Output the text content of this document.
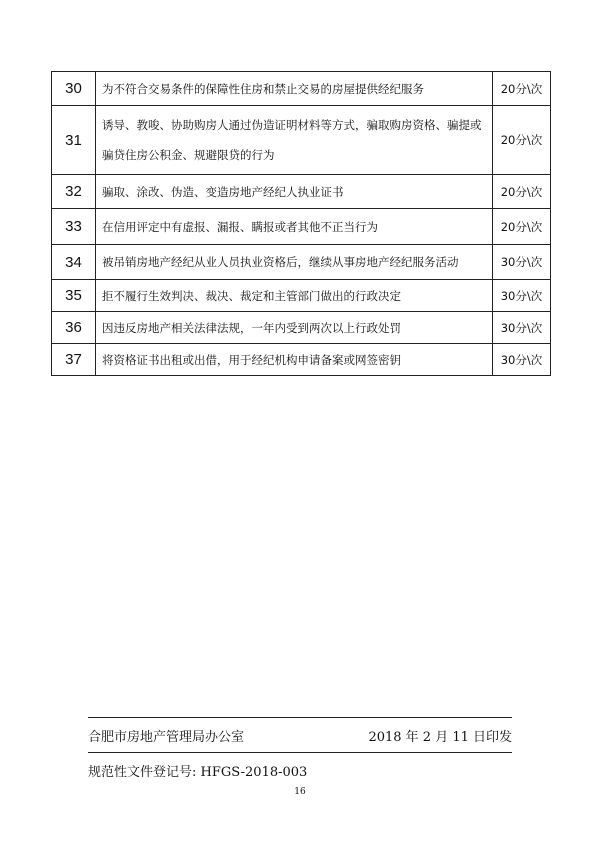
30	为不符合交易条件的保障性住房和禁止交易的房屋提供经纪服务	20分\次
31	诱导、教唆、协助购房人通过伪造证明材料等方式，骗取购房资格、骗提或骗贷住房公积金、规避限贷的行为	20分\次
32	骗取、涂改、伪造、变造房地产经纪人执业证书	20分\次
33	在信用评定中有虚报、漏报、瞒报或者其他不正当行为	20分\次
34	被吊销房地产经纪从业人员执业资格后，继续从事房地产经纪服务活动	30分\次
35	拒不履行生效判决、裁决、裁定和主管部门做出的行政决定	30分\次
36	因违反房地产相关法律法规，一年内受到两次以上行政处罚	30分\次
37	将资格证书出租或出借，用于经纪机构申请备案或网签密钥	30分\次
合肥市房地产管理局办公室	2018 年 2 月 11 日印发
规范性文件登记号: HFGS-2018-003
16
